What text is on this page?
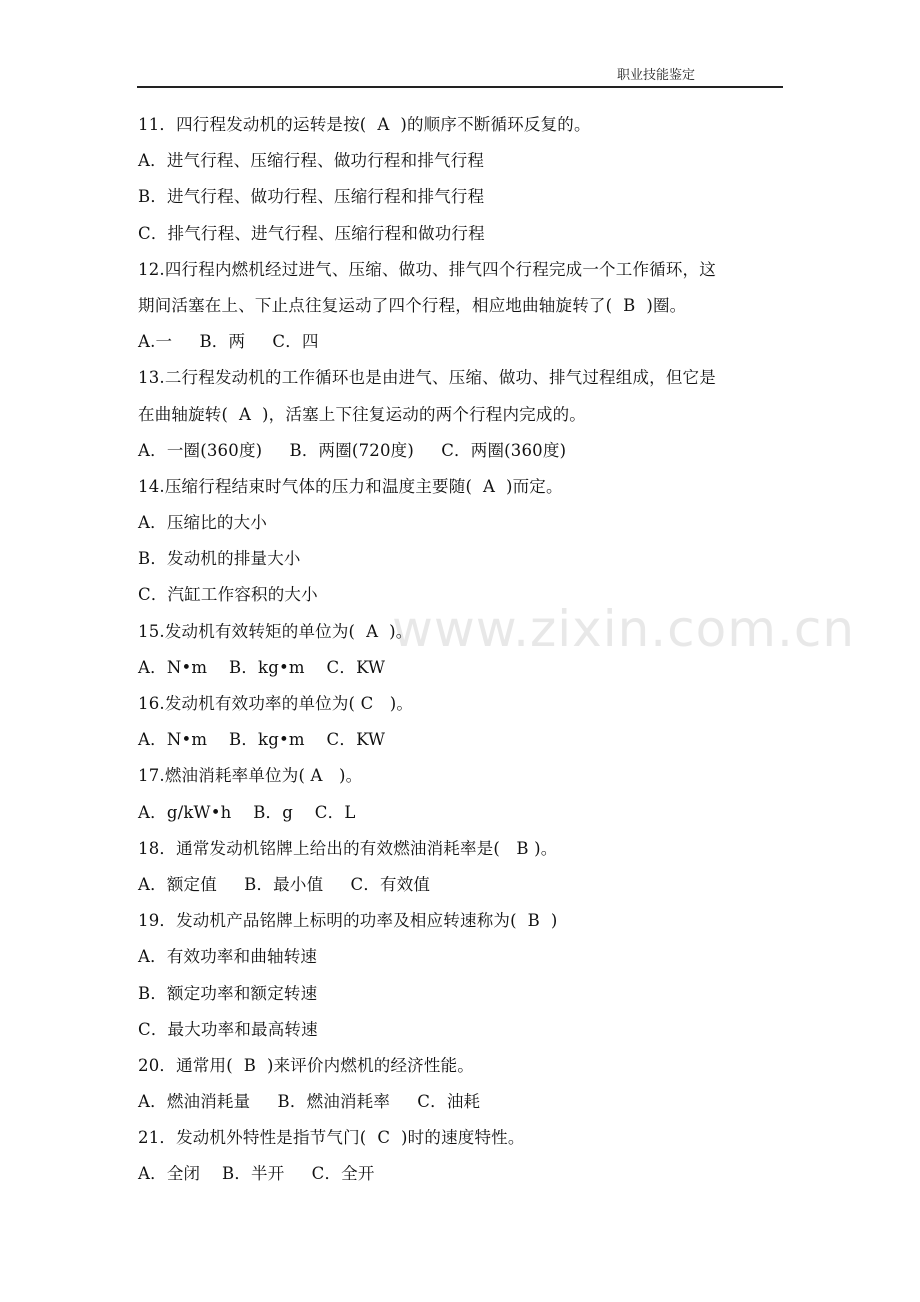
职业技能鉴定
www.zixin.com.cn
11．四行程发动机的运转是按(  A  )的顺序不断循环反复的。
A．进气行程、压缩行程、做功行程和排气行程
B．进气行程、做功行程、压缩行程和排气行程
C．排气行程、进气行程、压缩行程和做功行程
12.四行程内燃机经过进气、压缩、做功、排气四个行程完成一个工作循环，这
期间活塞在上、下止点往复运动了四个行程，相应地曲轴旋转了(  B  )圈。
A.一     B．两     C．四
13.二行程发动机的工作循环也是由进气、压缩、做功、排气过程组成，但它是
在曲轴旋转(  A  )，活塞上下往复运动的两个行程内完成的。
A．一圈(360度)     B．两圈(720度)     C．两圈(360度)
14.压缩行程结束时气体的压力和温度主要随(  A  )而定。
A．压缩比的大小
B．发动机的排量大小
C．汽缸工作容积的大小
15.发动机有效转矩的单位为(  A  )。
A．N•m    B．kg•m    C．KW
16.发动机有效功率的单位为( C   )。
A．N•m    B．kg•m    C．KW
17.燃油消耗率单位为( A   )。
A．g/kW•h    B．g    C．L
18．通常发动机铭牌上给出的有效燃油消耗率是(   B )。
A．额定值     B．最小值     C．有效值
19．发动机产品铭牌上标明的功率及相应转速称为(  B  )
A．有效功率和曲轴转速
B．额定功率和额定转速
C．最大功率和最高转速
20．通常用(  B  )来评价内燃机的经济性能。
A．燃油消耗量     B．燃油消耗率     C．油耗
21．发动机外特性是指节气门(  C  )时的速度特性。
A．全闭    B．半开     C．全开
